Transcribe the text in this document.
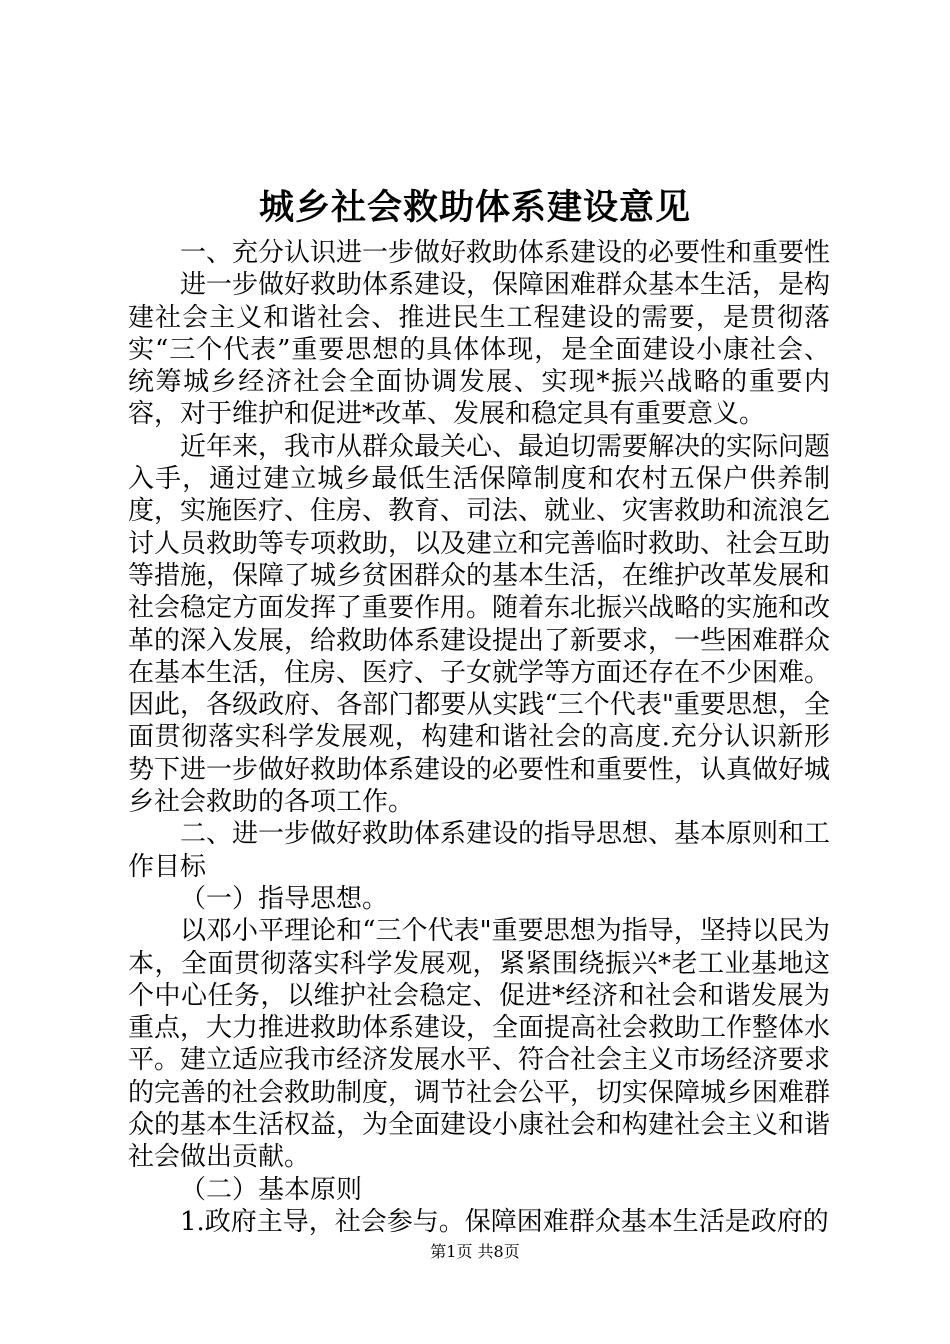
城乡社会救助体系建设意见

一、充分认识进一步做好救助体系建设的必要性和重要性

进一步做好救助体系建设，保障困难群众基本生活，是构建社会主义和谐社会、推进民生工程建设的需要，是贯彻落实“三个代表”重要思想的具体体现，是全面建设小康社会、统筹城乡经济社会全面协调发展、实现*振兴战略的重要内容，对于维护和促进*改革、发展和稳定具有重要意义。

近年来，我市从群众最关心、最迫切需要解决的实际问题入手，通过建立城乡最低生活保障制度和农村五保户供养制度，实施医疗、住房、教育、司法、就业、灾害救助和流浪乞讨人员救助等专项救助，以及建立和完善临时救助、社会互助等措施，保障了城乡贫困群众的基本生活，在维护改革发展和社会稳定方面发挥了重要作用。随着东北振兴战略的实施和改革的深入发展，给救助体系建设提出了新要求，一些困难群众在基本生活，住房、医疗、子女就学等方面还存在不少困难。因此，各级政府、各部门都要从实践“三个代表"重要思想，全面贯彻落实科学发展观，构建和谐社会的高度.充分认识新形势下进一步做好救助体系建设的必要性和重要性，认真做好城乡社会救助的各项工作。

二、进一步做好救助体系建设的指导思想、基本原则和工作目标

（一）指导思想。

以邓小平理论和“三个代表"重要思想为指导，坚持以民为本，全面贯彻落实科学发展观，紧紧围绕振兴*老工业基地这个中心任务，以维护社会稳定、促进*经济和社会和谐发展为重点，大力推进救助体系建设，全面提高社会救助工作整体水平。建立适应我市经济发展水平、符合社会主义市场经济要求的完善的社会救助制度，调节社会公平，切实保障城乡困难群众的基本生活权益，为全面建设小康社会和构建社会主义和谐社会做出贡献。

（二）基本原则

1.政府主导，社会参与。保障困难群众基本生活是政府的

第1页 共8页
